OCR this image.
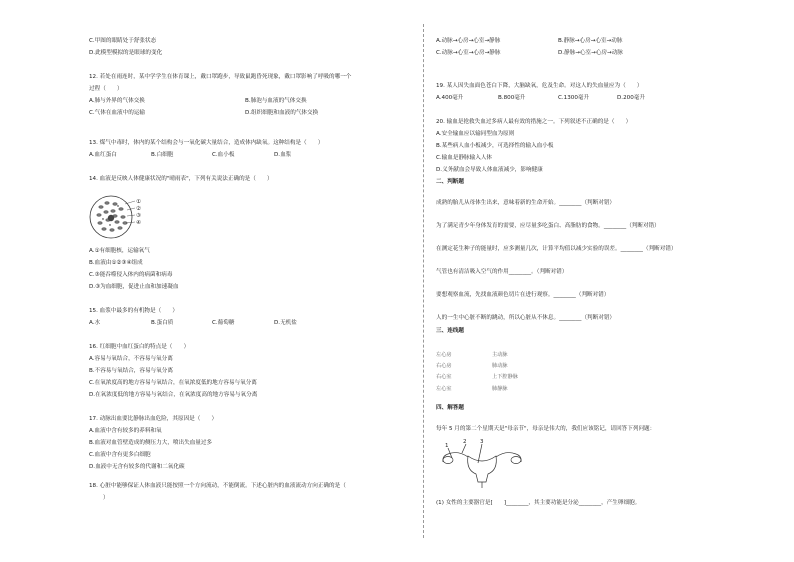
C.甲图的眼睛处于舒张状态
D.此模型模拟的是眼球的变化
12. 若处在雨连时，某中学学生在体育课上，戴口罩跑步，导致鼠跑昏死现象，戴口罩影响了呼吸的哪一个
过程（　　）
A.肺与外界的气体交换	B.肺泡与血液的气体交换
C.气体在血液中的运输	D.组织细胞和血液的气体交换
13. 煤气中毒时，体内的某个结构会与一氧化碳大量结合，造成体内缺氧。这种结构是（　　）
A.血红蛋白	B.白细胞	C.血小板	D.血浆
14. 血液是反映人体健康状况的"晴雨表"，下列有关说法正确的是（　　）
①
②
③
④
A.①有细胞核，运输氧气
B.血液由①②③④组成
C.③能吞噬侵入体内的病菌和病毒
D.③为血细胞，促进止血和加速凝血
15. 血浆中最多的有机物是（　　）
A.水	B.蛋白质	C.葡萄糖	D.无机盐
16. 红细胞中血红蛋白的特点是（　　）
A.容易与氧结合，不容易与氧分离
B.不容易与氧结合，容易与氧分离
C.在氧浓度高的地方容易与氧结合，在氧浓度低的地方容易与氧分离
D.在氧浓度低的地方容易与氧结合，在氧浓度高的地方容易与氧分离
17. 动脉出血要比静脉出血危险，其原因是（　　）
A.血液中含有较多的养料和氧
B.血液对血管壁造成的侧压力大，喷出失血量过多
C.血液中含有更多白细胞
D.血液中无含有较多的代谢和二氧化碳
18. 心脏中能够保证人体血液只能按照一个方向流动，不能倒流。下述心脏内的血液流动方向正确的是（
）
A.动脉→心房→心室→静脉	B.静脉→心房→心室→动脉
C.动脉→心室→心房→静脉	D.静脉→心室→心房→动脉
19. 某人因失血面色苍白下降，大脑缺氧，危及生命。对这人的失血量应为（　　）
A.400毫升	B.800毫升	C.1300毫升	D.200毫升
20. 输血是抢救失血过多病人最有效的措施之一。下列叙述不正确的是（　　）
A.安全输血应以输同型血为原则
B.某些病人血小板减少，可选择性的输入血小板
C.输血是静脉输入人体
D.义务献血会导致人体血液减少，影响健康
二、判断题
成熟的胎儿从母体生出来，意味着新的生命开始。________（判断对错）
为了满足青少年身体发育的需要，应尽量多吃蛋白、高脂肪的食物。________（判断对错）
在测定花生种子的能量时，应多测量几次，计算平均值以减少实验的误差。________（判断对错）
气管也有清洁吸入空气的作用________。（判断对错）
要想观察血流，先找血液颜色切片在进行观察。________（判断对错）
人的一生中心脏不断的跳动，所以心脏从不休息。________（判断对错）
三、连线题
左心房	主动脉
右心房	肺动脉
右心室	上下腔静脉
左心室	肺静脉
四、解答题
每年 5 月的第二个星期天是"母亲节"，母亲是伟大的，我们应该铭记，请回答下列问题：
2 3
1
(1) 女性的主要器官是[　　]________，其主要功能是分泌________，产生卵细胞。
